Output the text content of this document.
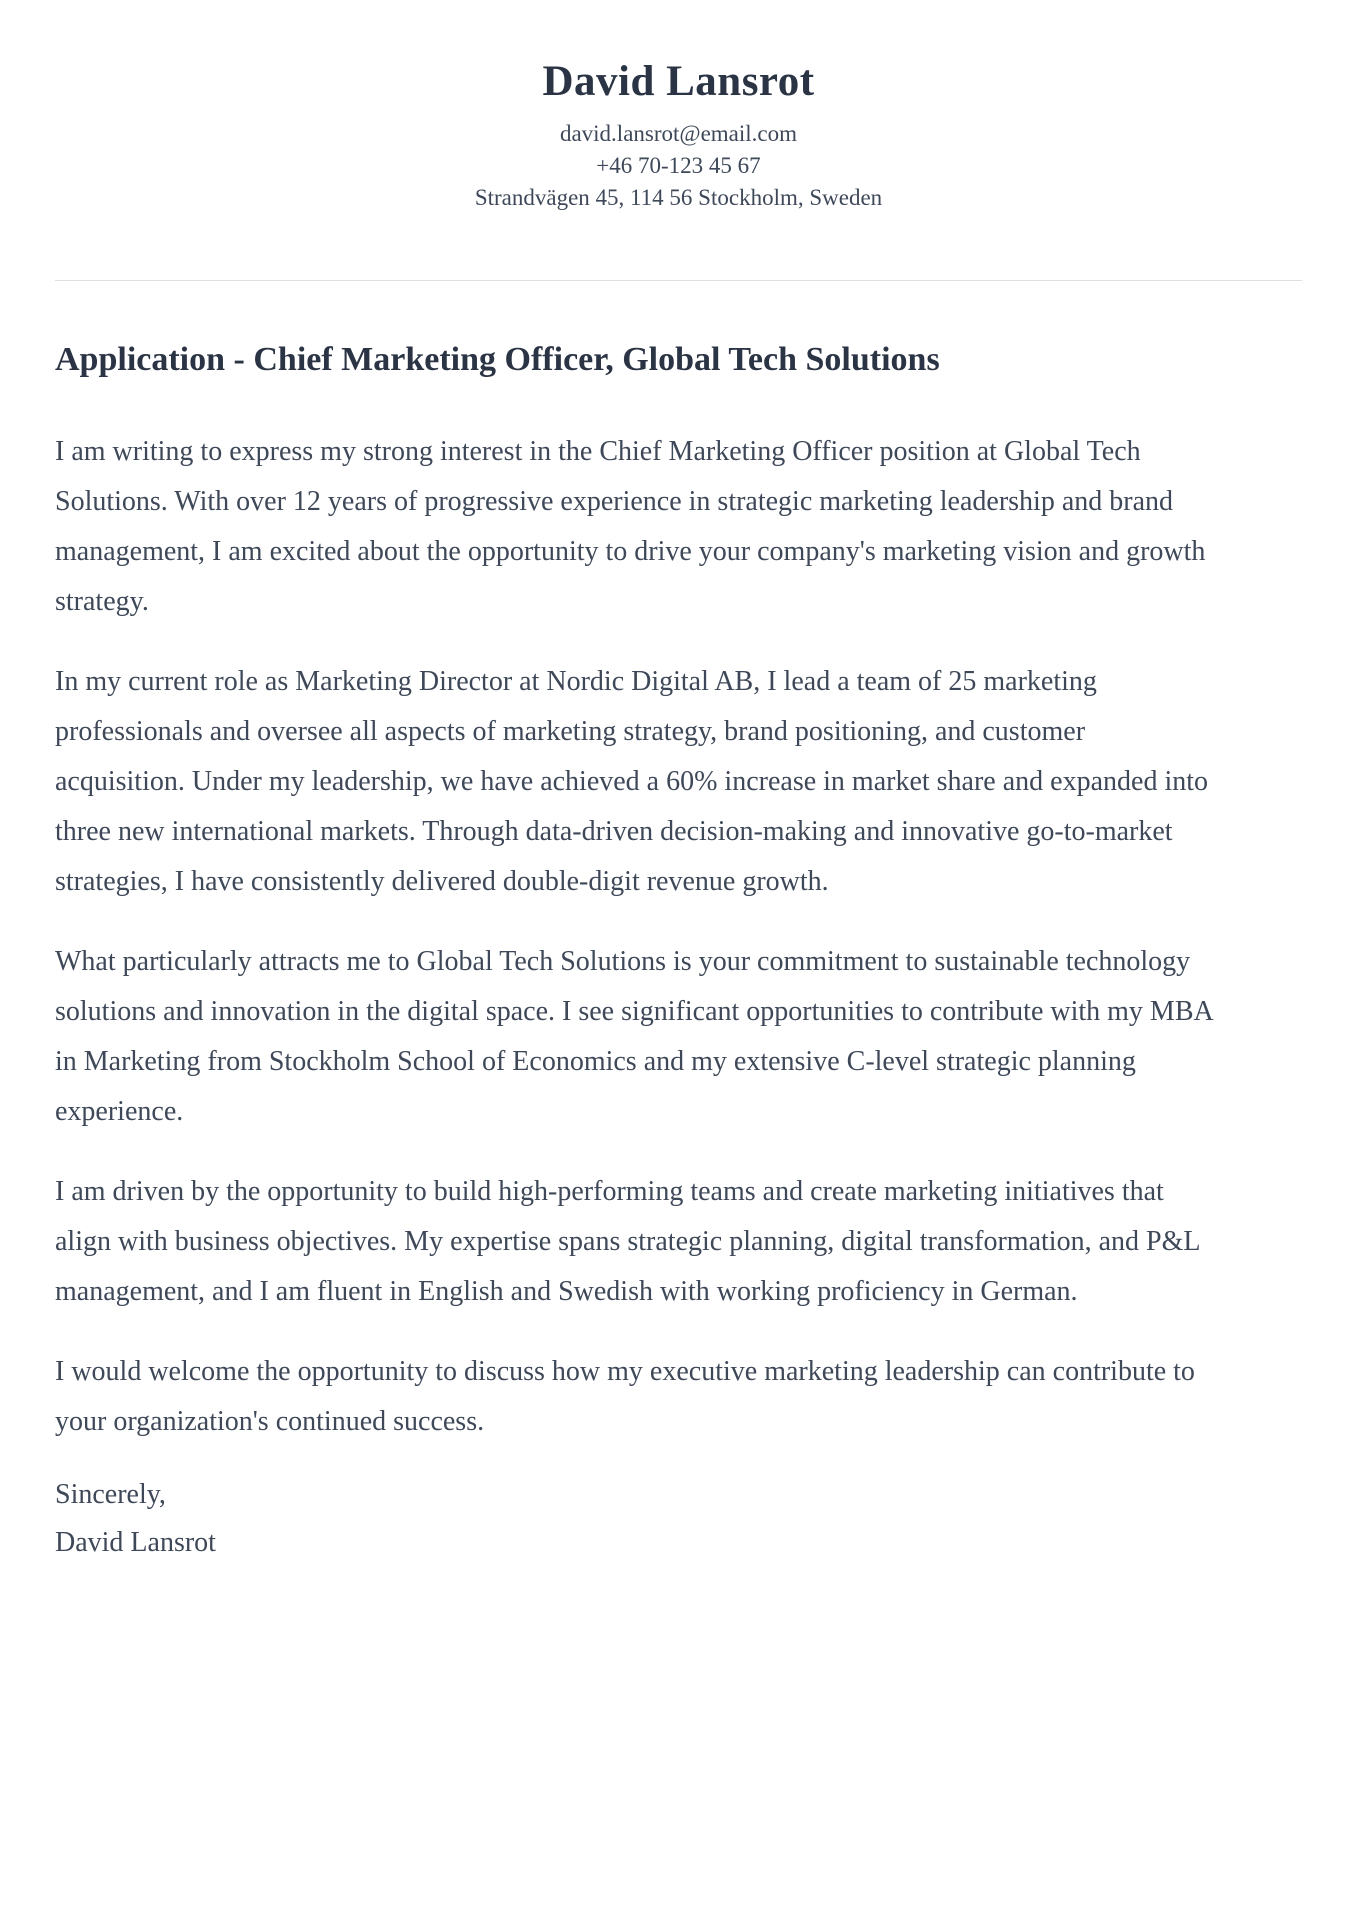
David Lansrot
david.lansrot@email.com
+46 70-123 45 67
Strandvägen 45, 114 56 Stockholm, Sweden
Application - Chief Marketing Officer, Global Tech Solutions

I am writing to express my strong interest in the Chief Marketing Officer position at Global Tech Solutions. With over 12 years of progressive experience in strategic marketing leadership and brand management, I am excited about the opportunity to drive your company's marketing vision and growth strategy.

In my current role as Marketing Director at Nordic Digital AB, I lead a team of 25 marketing professionals and oversee all aspects of marketing strategy, brand positioning, and customer acquisition. Under my leadership, we have achieved a 60% increase in market share and expanded into three new international markets. Through data-driven decision-making and innovative go-to-market strategies, I have consistently delivered double-digit revenue growth.

What particularly attracts me to Global Tech Solutions is your commitment to sustainable technology solutions and innovation in the digital space. I see significant opportunities to contribute with my MBA in Marketing from Stockholm School of Economics and my extensive C-level strategic planning experience.

I am driven by the opportunity to build high-performing teams and create marketing initiatives that align with business objectives. My expertise spans strategic planning, digital transformation, and P&L management, and I am fluent in English and Swedish with working proficiency in German.

I would welcome the opportunity to discuss how my executive marketing leadership can contribute to your organization's continued success.

Sincerely,
David Lansrot
